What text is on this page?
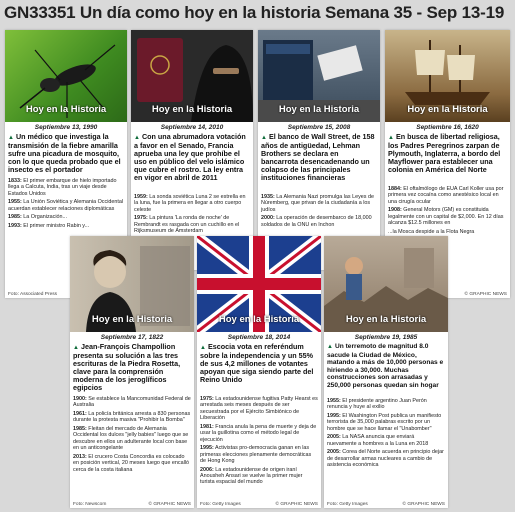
GN33351 Un día como hoy en la historia Semana 35 - Sep 13-19
Hoy en la Historia
Septiembre 13, 1990
▲ Un médico que investiga la transmisión de la fiebre amarilla sufre una picadura de mosquito, con lo que queda probado que el insecto es el portador
1833: El primer embarque de hielo importado llega a Calcuta, India, tras un viaje desde Estados Unidos
1955: La Unión Soviética y Alemania Occidental acuerdan establecer relaciones diplomáticas
1985: La Organización...
1993: El primer ministro Rabin y...
Foto: Associated Press
Hoy en la Historia
Septiembre 14, 2010
▲ Con una abrumadora votación a favor en el Senado, Francia aprueba una ley que prohíbe el uso en público del velo islámico que cubre el rostro. La ley entra en vigor en abril de 2011
1959: La sonda soviética Luna 2 se estrella en la luna, fue la primera en llegar a otro cuerpo celeste
1975: La pintura 'La ronda de noche' de Rembrandt es rasgada con un cuchillo en el Rijksmuseum de Ámsterdam
Hoy en la Historia
Septiembre 15, 2008
▲ El banco de Wall Street, de 158 años de antigüedad, Lehman Brothers se declara en bancarrota desencadenando un colapso de las principales instituciones financieras
1935: La Alemania Nazi promulga las Leyes de Núremberg, que privan de la ciudadanía a los judíos
2000: La operación de desembarco de 18,000 soldados de la ONU en Inchon
Hoy en la Historia
Septiembre 16, 1620
▲ En busca de libertad religiosa, los Padres Peregrinos zarpan de Plymouth, Inglaterra, a bordo del Mayflower para establecer una colonia en América del Norte
1884: El oftalmólogo de EUA Carl Koller usa por primera vez cocaína como anestésico local en una cirugía ocular
1908: General Motors (GM) es constituida legalmente con un capital de $2,000. En 12 días alcanza $12.5 millones en
...la Mosca despide a la Flota Negra
© GRAPHIC NEWS
Hoy en la Historia
Septiembre 17, 1822
▲ Jean-François Champollion presenta su solución a las tres escrituras de la Piedra Rosetta, clave para la comprensión moderna de los jeroglíficos egipcios
1900: Se establece la Mancomunidad Federal de Australia
1961: La policía británica arresta a 830 personas durante la protesta masiva "Prohibir la Bomba"
1985: Fleitan del mercado de Alemania Occidental los dulces "jelly babies" luego que se descubre en ellos un adulterante local con base en un anticongelante
2013: El crucero Costa Concordia es colocado en posición vertical, 20 meses luego que encalló cerca de la costa italiana
Foto: Newscom	© GRAPHIC NEWS
Hoy en la Historia
Septiembre 18, 2014
▲ Escocia vota en referéndum sobre la independencia y un 55% de sus 4,2 millones de votantes apoyan que siga siendo parte del Reino Unido
1975: La estadounidense fugitiva Patty Hearst es arrestada seis meses después de ser secuestrada por el Ejército Simbiónico de Liberación
1981: Francia anula la pena de muerte y deja de usar la guillotina como el método legal de ejecución
1995: Activistas pro-democracia ganan en las primeras elecciones plenamente democráticas de Hong Kong
2006: La estadounidense de origen iraní Anousheh Ansari se vuelve la primer mujer turista espacial del mundo
Foto: Getty Images	© GRAPHIC NEWS
Hoy en la Historia
Septiembre 19, 1985
▲ Un terremoto de magnitud 8.0 sacude la Ciudad de México, matando a más de 10,000 personas e hiriendo a 30,000. Muchas construcciones son arrasadas y 250,000 personas quedan sin hogar
1955: El presidente argentino Juan Perón renuncia y huye al exilio
1995: El Washington Post publica un manifiesto terrorista de 35,000 palabras escrito por un hombre que se hace llamar el "Unabomber"
2005: La NASA anuncia que enviará nuevamente a hombres a la Luna en 2018
2005: Corea del Norte acuerda en principio dejar de desarrollar armas nucleares a cambio de asistencia económica
Foto: Getty Images	© GRAPHIC NEWS
